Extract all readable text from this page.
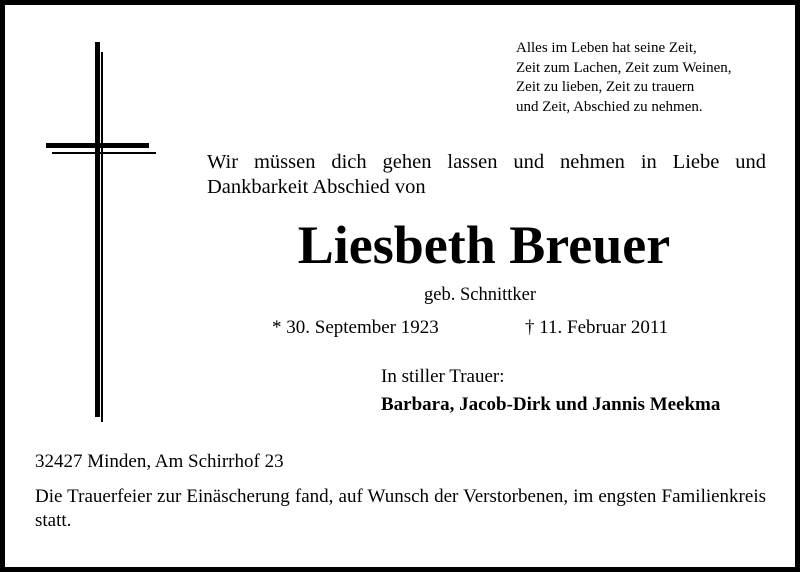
Alles im Leben hat seine Zeit,
Zeit zum Lachen, Zeit zum Weinen,
Zeit zu lieben, Zeit zu trauern
und Zeit, Abschied zu nehmen.
Wir müssen dich gehen lassen und nehmen in Liebe und Dankbarkeit Abschied von
Liesbeth Breuer
geb. Schnittker
* 30. September 1923	† 11. Februar 2011
In stiller Trauer:
Barbara, Jacob-Dirk und Jannis Meekma
32427 Minden, Am Schirrhof 23
Die Trauerfeier zur Einäscherung fand, auf Wunsch der Verstorbenen, im engsten Familienkreis statt.
